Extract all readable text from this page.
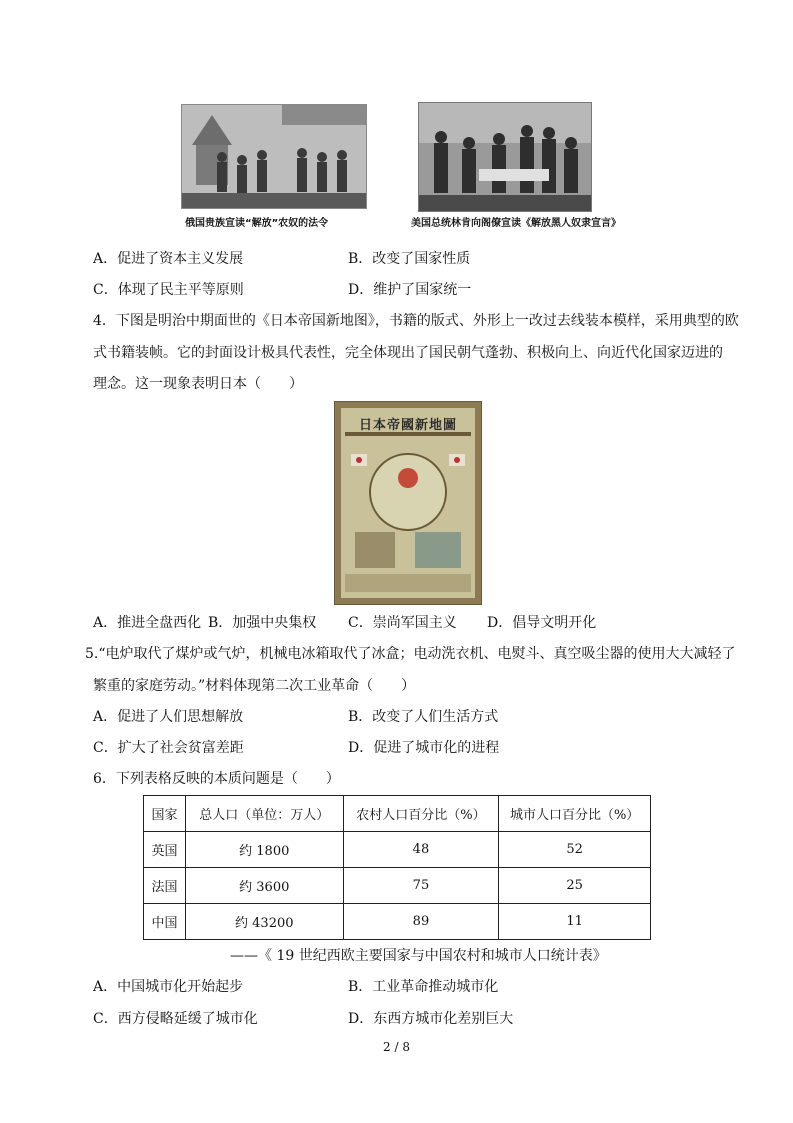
俄国贵族宣读“解放”农奴的法令	美国总统林肯向阁僚宣读《解放黑人奴隶宣言》
A．促进了资本主义发展	B．改变了国家性质
C．体现了民主平等原则	D．维护了国家统一
4．下图是明治中期面世的《日本帝国新地图》，书籍的版式、外形上一改过去线装本模样，采用典型的欧
式书籍装帧。它的封面设计极具代表性，完全体现出了国民朝气蓬勃、积极向上、向近代化国家迈进的
理念。这一现象表明日本（　　）
日本帝國新地圖
A．推进全盘西化 B．加强中央集权 C．崇尚军国主义 D．倡导文明开化
5.“电炉取代了煤炉或气炉，机械电冰箱取代了冰盒；电动洗衣机、电熨斗、真空吸尘器的使用大大减轻了
繁重的家庭劳动。”材料体现第二次工业革命（　　）
A．促进了人们思想解放	B．改变了人们生活方式
C．扩大了社会贫富差距	D．促进了城市化的进程
6．下列表格反映的本质问题是（　　）
国家	总人口（单位：万人）	农村人口百分比（%）	城市人口百分比（%）
英国	约 1800	48	52
法国	约 3600	75	25
中国	约 43200	89	11
——《 19 世纪西欧主要国家与中国农村和城市人口统计表》
A．中国城市化开始起步	B．工业革命推动城市化
C．西方侵略延缓了城市化	D．东西方城市化差别巨大
2 / 8
